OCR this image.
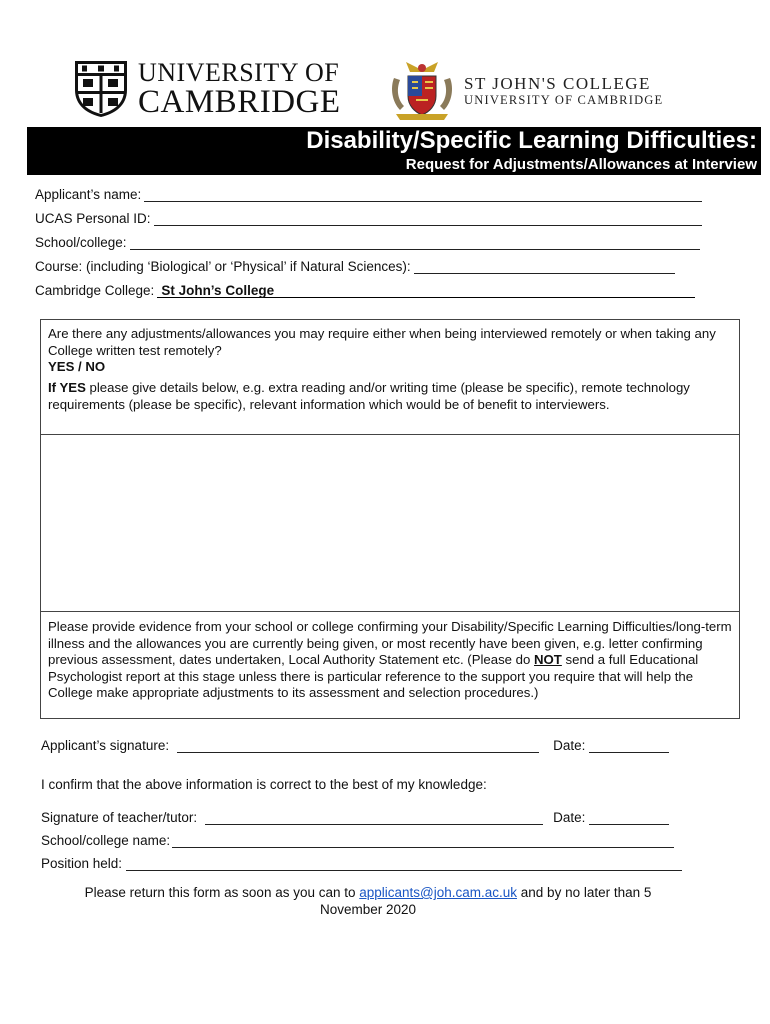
UNIVERSITY OF
CAMBRIDGE
ST JOHN'S COLLEGE
UNIVERSITY OF CAMBRIDGE
Disability/Specific Learning Difficulties:
Request for Adjustments/Allowances at Interview
Applicant’s name:
UCAS Personal ID:
School/college:
Course: (including ‘Biological’ or ‘Physical’ if Natural Sciences):
Cambridge College: St John’s College
Are there any adjustments/allowances you may require either when being interviewed remotely or when taking any College written test remotely?
YES / NO
If YES please give details below, e.g. extra reading and/or writing time (please be specific), remote technology requirements (please be specific), relevant information which would be of benefit to interviewers.
Please provide evidence from your school or college confirming your Disability/Specific Learning Difficulties/long-term illness and the allowances you are currently being given, or most recently have been given, e.g. letter confirming previous assessment, dates undertaken, Local Authority Statement etc. (Please do NOT send a full Educational Psychologist report at this stage unless there is particular reference to the support you require that will help the College make appropriate adjustments to its assessment and selection procedures.)
Applicant’s signature:	Date:
I confirm that the above information is correct to the best of my knowledge:
Signature of teacher/tutor:	Date:
School/college name:
Position held:
Please return this form as soon as you can to applicants@joh.cam.ac.uk and by no later than 5
November 2020
